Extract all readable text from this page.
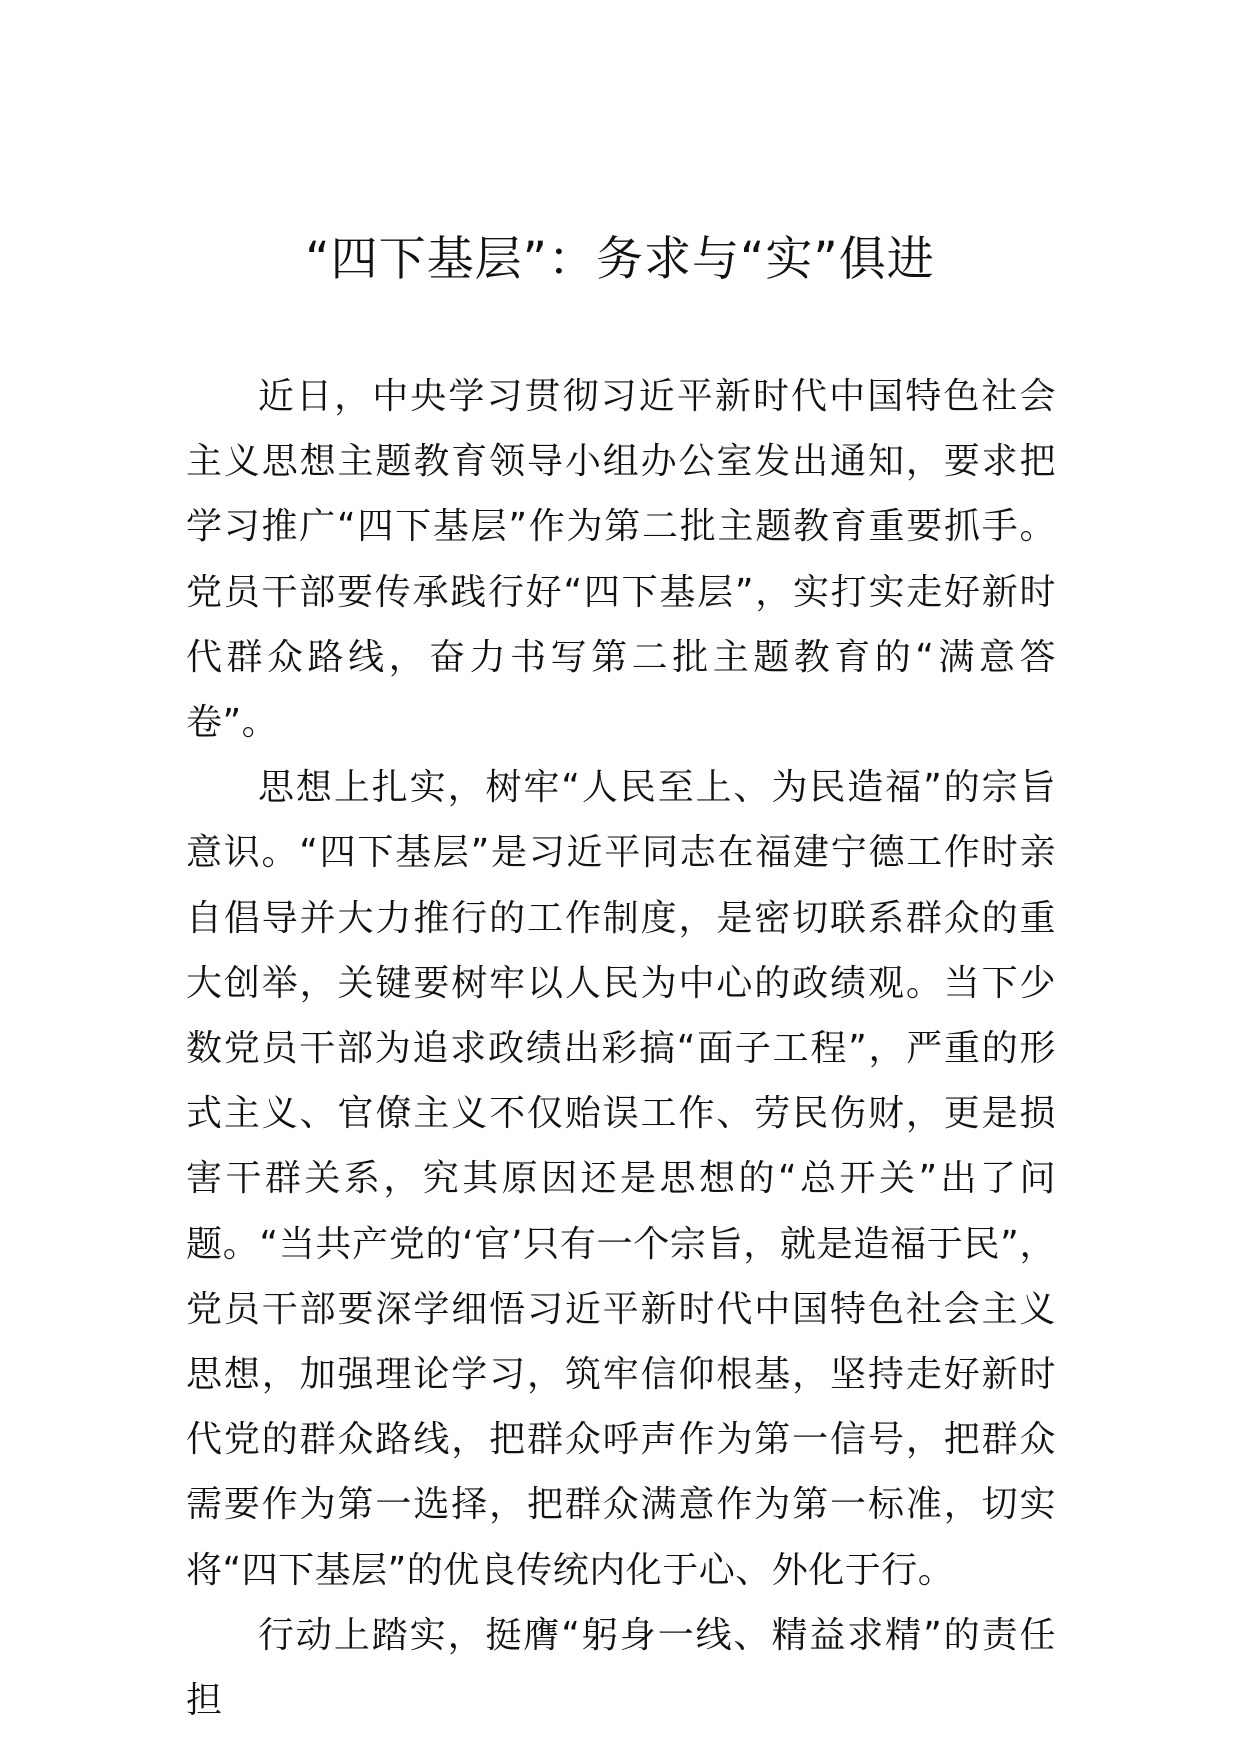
“四下基层”：务求与“实”俱进

近日，中央学习贯彻习近平新时代中国特色社会主义思想主题教育领导小组办公室发出通知，要求把学习推广“四下基层”作为第二批主题教育重要抓手。党员干部要传承践行好“四下基层”，实打实走好新时代群众路线，奋力书写第二批主题教育的“满意答卷”。

思想上扎实，树牢“人民至上、为民造福”的宗旨意识。“四下基层”是习近平同志在福建宁德工作时亲自倡导并大力推行的工作制度，是密切联系群众的重大创举，关键要树牢以人民为中心的政绩观。当下少数党员干部为追求政绩出彩搞“面子工程”，严重的形式主义、官僚主义不仅贻误工作、劳民伤财，更是损害干群关系，究其原因还是思想的“总开关”出了问题。“当共产党的‘官’只有一个宗旨，就是造福于民”，党员干部要深学细悟习近平新时代中国特色社会主义思想，加强理论学习，筑牢信仰根基，坚持走好新时代党的群众路线，把群众呼声作为第一信号，把群众需要作为第一选择，把群众满意作为第一标准，切实将“四下基层”的优良传统内化于心、外化于行。

行动上踏实，挺膺“躬身一线、精益求精”的责任担
